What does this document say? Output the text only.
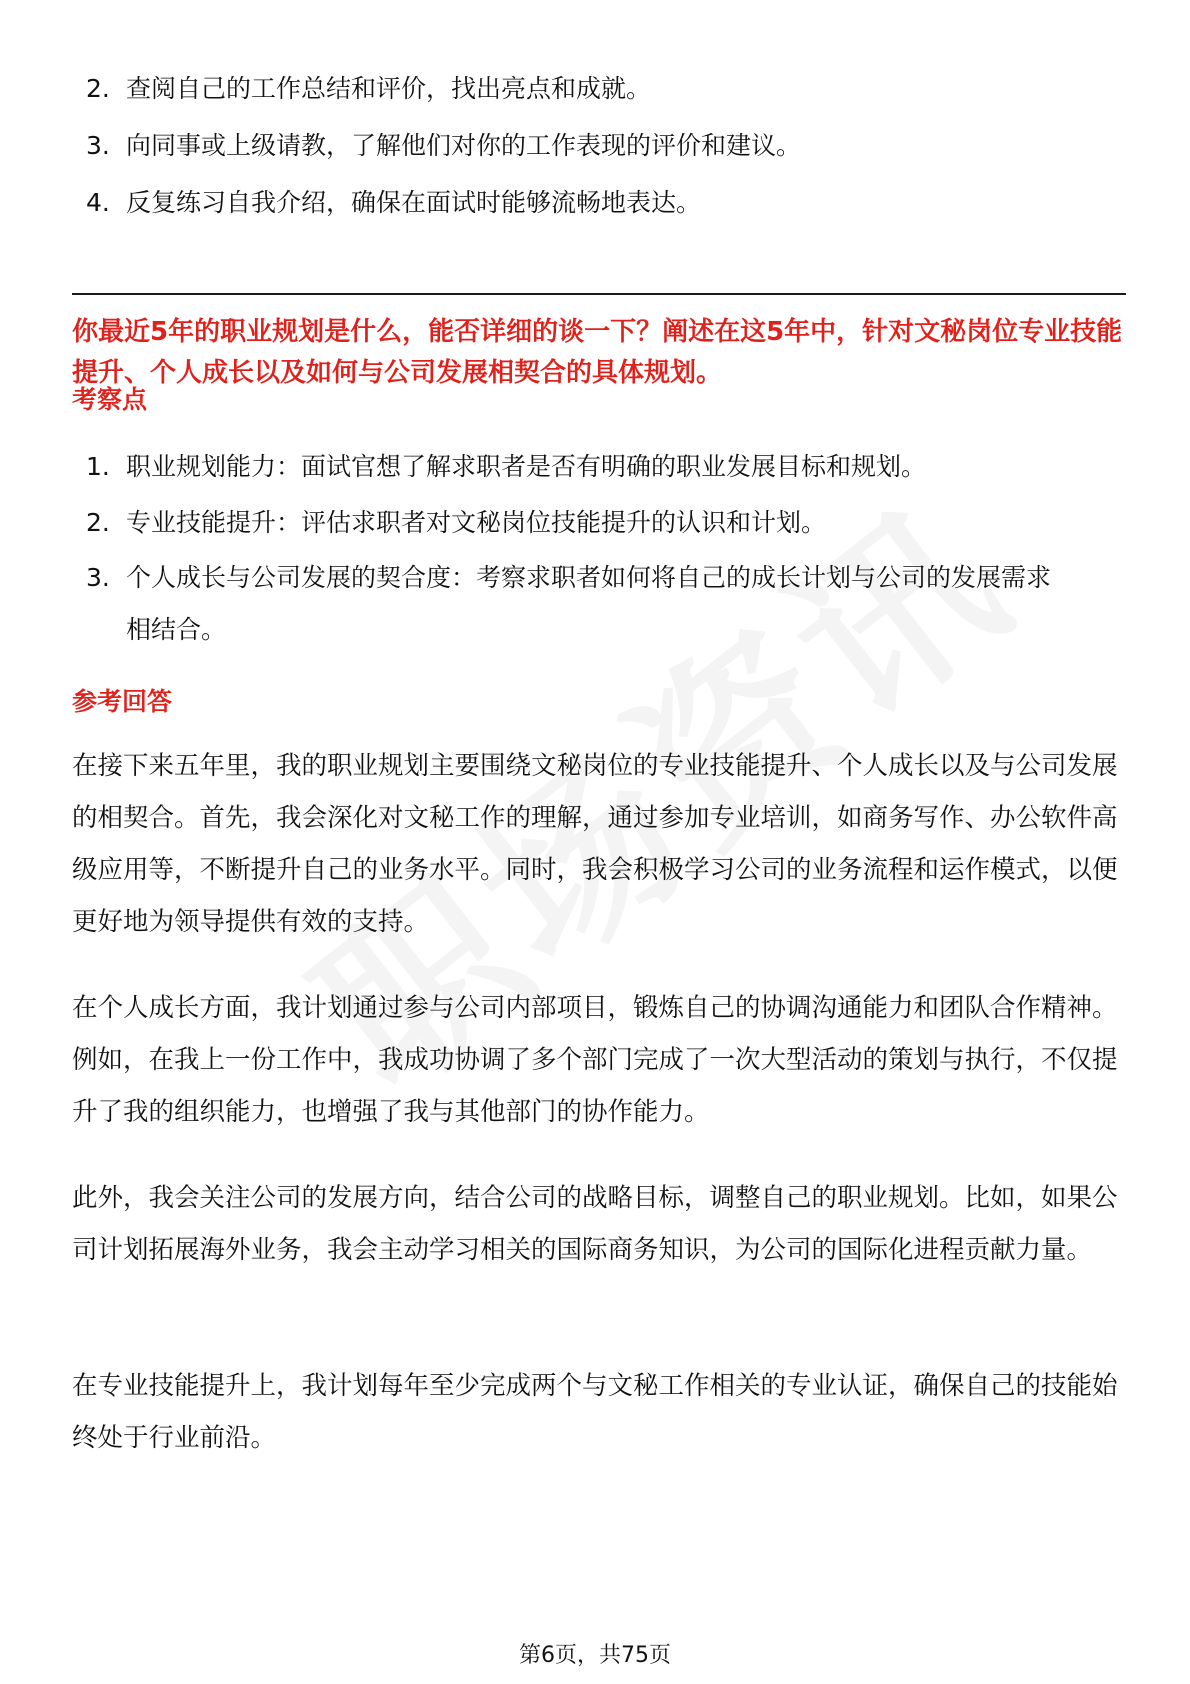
2. 查阅自己的工作总结和评价，找出亮点和成就。
3. 向同事或上级请教，了解他们对你的工作表现的评价和建议。
4. 反复练习自我介绍，确保在面试时能够流畅地表达。
你最近5年的职业规划是什么，能否详细的谈一下？阐述在这5年中，针对文秘岗位专业技能提升、个人成长以及如何与公司发展相契合的具体规划。
考察点
1. 职业规划能力：面试官想了解求职者是否有明确的职业发展目标和规划。
2. 专业技能提升：评估求职者对文秘岗位技能提升的认识和计划。
3. 个人成长与公司发展的契合度：考察求职者如何将自己的成长计划与公司的发展需求相结合。
参考回答

在接下来五年里，我的职业规划主要围绕文秘岗位的专业技能提升、个人成长以及与公司发展的相契合。首先，我会深化对文秘工作的理解，通过参加专业培训，如商务写作、办公软件高级应用等，不断提升自己的业务水平。同时，我会积极学习公司的业务流程和运作模式，以便更好地为领导提供有效的支持。

在个人成长方面，我计划通过参与公司内部项目，锻炼自己的协调沟通能力和团队合作精神。例如，在我上一份工作中，我成功协调了多个部门完成了一次大型活动的策划与执行，不仅提升了我的组织能力，也增强了我与其他部门的协作能力。

此外，我会关注公司的发展方向，结合公司的战略目标，调整自己的职业规划。比如，如果公司计划拓展海外业务，我会主动学习相关的国际商务知识，为公司的国际化进程贡献力量。

在专业技能提升上，我计划每年至少完成两个与文秘工作相关的专业认证，确保自己的技能始终处于行业前沿。

第6页，共75页
